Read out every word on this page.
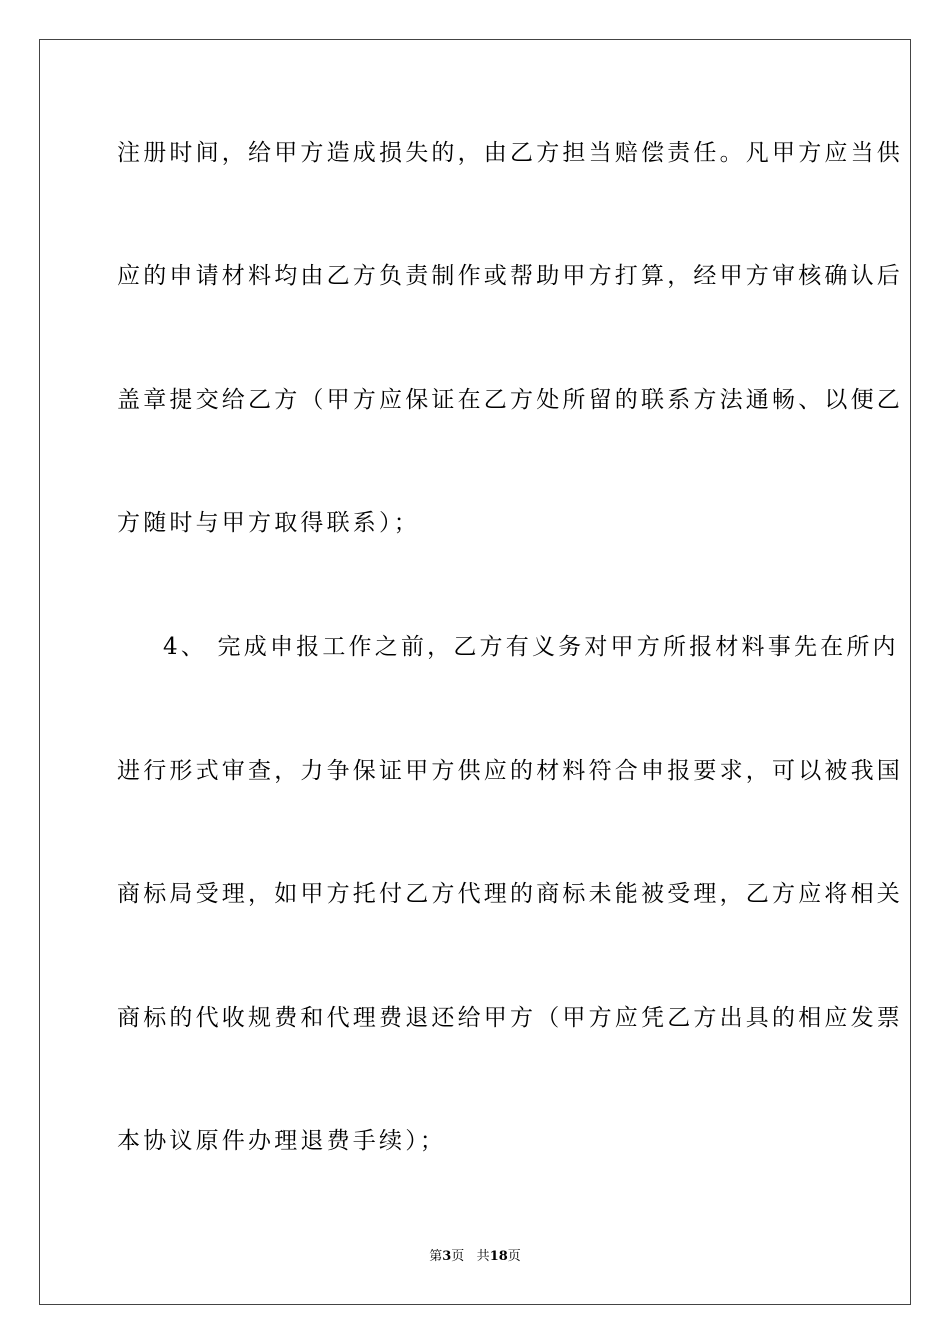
注册时间，给甲方造成损失的，由乙方担当赔偿责任。凡甲方应当供
应的申请材料均由乙方负责制作或帮助甲方打算，经甲方审核确认后
盖章提交给乙方（甲方应保证在乙方处所留的联系方法通畅、以便乙
方随时与甲方取得联系）；
4、 完成申报工作之前，乙方有义务对甲方所报材料事先在所内
进行形式审查，力争保证甲方供应的材料符合申报要求，可以被我国
商标局受理，如甲方托付乙方代理的商标未能被受理，乙方应将相关
商标的代收规费和代理费退还给甲方（甲方应凭乙方出具的相应发票
本协议原件办理退费手续）；
第3页 共18页
